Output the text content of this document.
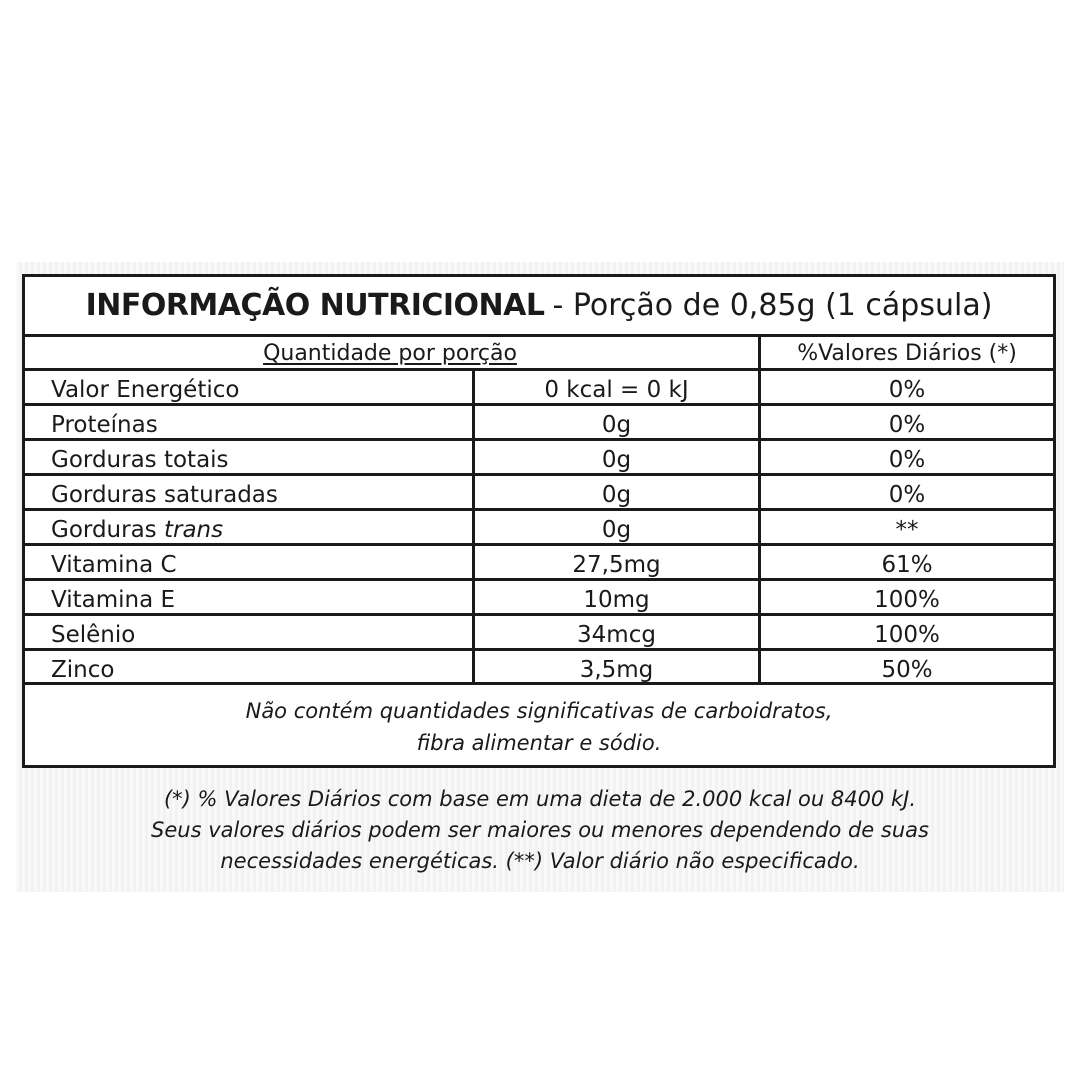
INFORMAÇÃO NUTRICIONAL - Porção de 0,85g (1 cápsula)
Quantidade por porção	%Valores Diários (*)
Valor Energético	0 kcal = 0 kJ	0%
Proteínas	0g	0%
Gorduras totais	0g	0%
Gorduras saturadas	0g	0%
Gorduras trans	0g	**
Vitamina C	27,5mg	61%
Vitamina E	10mg	100%
Selênio	34mcg	100%
Zinco	3,5mg	50%
Não contém quantidades significativas de carboidratos,
fibra alimentar e sódio.
(*) % Valores Diários com base em uma dieta de 2.000 kcal ou 8400 kJ.
Seus valores diários podem ser maiores ou menores dependendo de suas
necessidades energéticas. (**) Valor diário não especificado.
